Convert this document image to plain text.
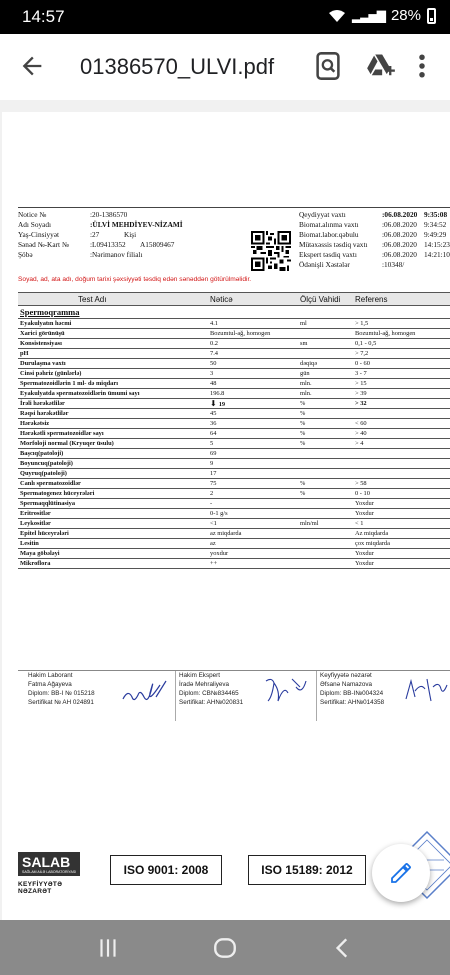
14:57	▂▃▅▇ 28%
01386570_ULVI.pdf
Notice №	:20-1386570
Adı Soyadı	:ÜLVİ MEHDİYEV-NİZAMİ
Yaş-Cinsiyyət	:27	Kişi
Sənəd №-Kart №	:L09413352 A15809467
Şöbə	:Nərimanov filialı
Qeydiyyat vaxtı	:06.08.2020 9:35:08
Biomat.alınma vaxtı	:06.08.2020 9:34:52
Biomat.labor.qəbulu	:06.08.2020 9:49:29
Mütəxəssis təsdiq vaxtı :06.08.2020 14:15:23
Ekspert təsdiq vaxtı	:06.08.2020 14:21:10
Ödənişli Xəstələr	:10348/
Soyad, ad, ata adı, doğum tarixi şəxsiyyəti təsdiq edən sənəddən götürülməlidir.
Test Adı	Nəticə	Ölçü Vahidi	Referens
Spermoqramma			
Eyakulyatın həcmi	4.1	ml	> 1,5
Xarici görünüşü	Bozumtul-ağ, homogen		Bozumtul-ağ, homogen
Konsistensiyası	0.2	sm	0,1 - 0,5
pH	7.4		> 7,2
Durulaşma vaxtı	50	dəqiqə	0 - 60
Cinsi pəhriz (günlərlə)	3	gün	3 - 7
Spermatozoidlərin 1 ml- də miqdarı	48	mln.	> 15
Eyakulyatda spermatozoidlərin ümumi sayı	196.8	mln.	> 39
İrəli hərəkətlilər	⬇ 19	%	> 32
Rəqsi hərəkətlilər	45	%	
Hərəkətsiz	36	%	< 60
Hərəkətli spermatozoidlər sayı	64	%	> 40
Morfoloji normal (Kryuqer üsulu)	5	%	> 4
Başcıq(patoloji)	69		
Boyuncuq(patoloji)	9		
Quyruq(patoloji)	17		
Canlı spermatozoidlər	75	%	> 58
Spermatogenez hüceyrələri	2	%	0 - 10
Spermaqqlütinasiya	-		Yoxdur
Eritrositlər	0-1 g/s		Yoxdur
Leykositlər	<1	mln/ml	< 1
Epitel hüceyrələri	az miqdarda		Az miqdarda
Lesitin	az		çox miqdarda
Maya göbələyi	yoxdur		Yoxdur
Mikroflora	++		Yoxdur
Hakim Laborant
Fatma Ağayeva
Diplom: BB-I № 015218
Sertifikat № AH 024891
Hakim Ekspert
İradə Mehraliyeva
Diplom: CB№834465
Sertifikat: AH№020831
Keyfiyyətə nəzarət
Əfsanə Namazova
Diplom: BB-I№004324
Sertifikat: AH№014358
SALAB
SAĞLAM AİLƏ LABORATORİYASI
KEYFİYYƏTƏ NƏZARƏT
ISO 9001: 2008	ISO 15189: 2012
